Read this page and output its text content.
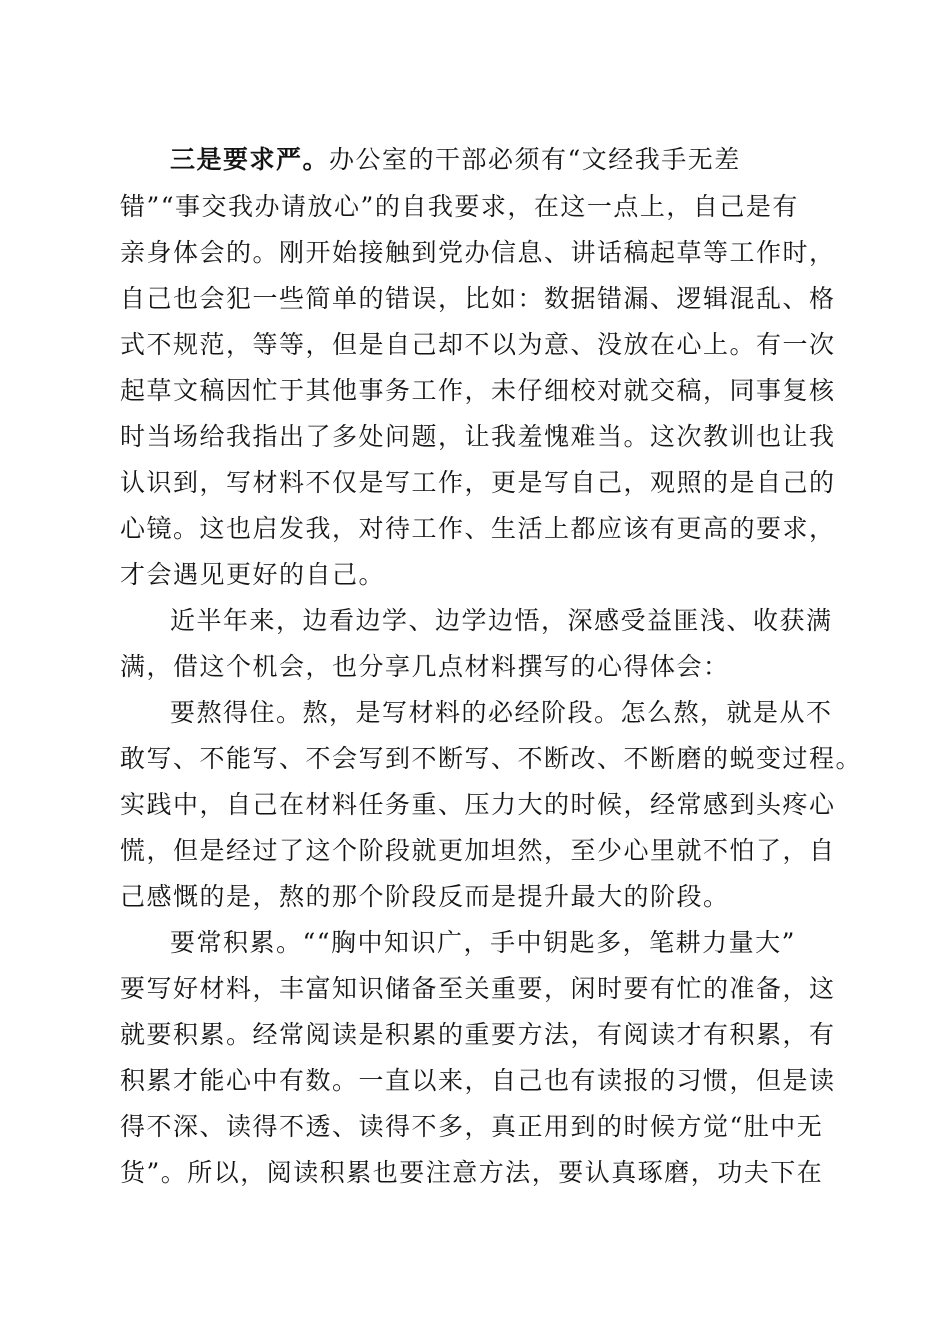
三是要求严。办公室的干部必须有“文经我手无差

错”“事交我办请放心”的自我要求，在这一点上，自己是有

亲身体会的。刚开始接触到党办信息、讲话稿起草等工作时，

自己也会犯一些简单的错误，比如：数据错漏、逻辑混乱、格

式不规范，等等，但是自己却不以为意、没放在心上。有一次

起草文稿因忙于其他事务工作，未仔细校对就交稿，同事复核

时当场给我指出了多处问题，让我羞愧难当。这次教训也让我

认识到，写材料不仅是写工作，更是写自己，观照的是自己的

心镜。这也启发我，对待工作、生活上都应该有更高的要求，

才会遇见更好的自己。

近半年来，边看边学、边学边悟，深感受益匪浅、收获满

满，借这个机会，也分享几点材料撰写的心得体会：

要熬得住。熬，是写材料的必经阶段。怎么熬，就是从不

敢写、不能写、不会写到不断写、不断改、不断磨的蜕变过程。

实践中，自己在材料任务重、压力大的时候，经常感到头疼心

慌，但是经过了这个阶段就更加坦然，至少心里就不怕了，自

己感慨的是，熬的那个阶段反而是提升最大的阶段。

要常积累。““胸中知识广，手中钥匙多，笔耕力量大”

要写好材料，丰富知识储备至关重要，闲时要有忙的准备，这

就要积累。经常阅读是积累的重要方法，有阅读才有积累，有

积累才能心中有数。一直以来，自己也有读报的习惯，但是读

得不深、读得不透、读得不多，真正用到的时候方觉“肚中无

货”。所以，阅读积累也要注意方法，要认真琢磨，功夫下在
